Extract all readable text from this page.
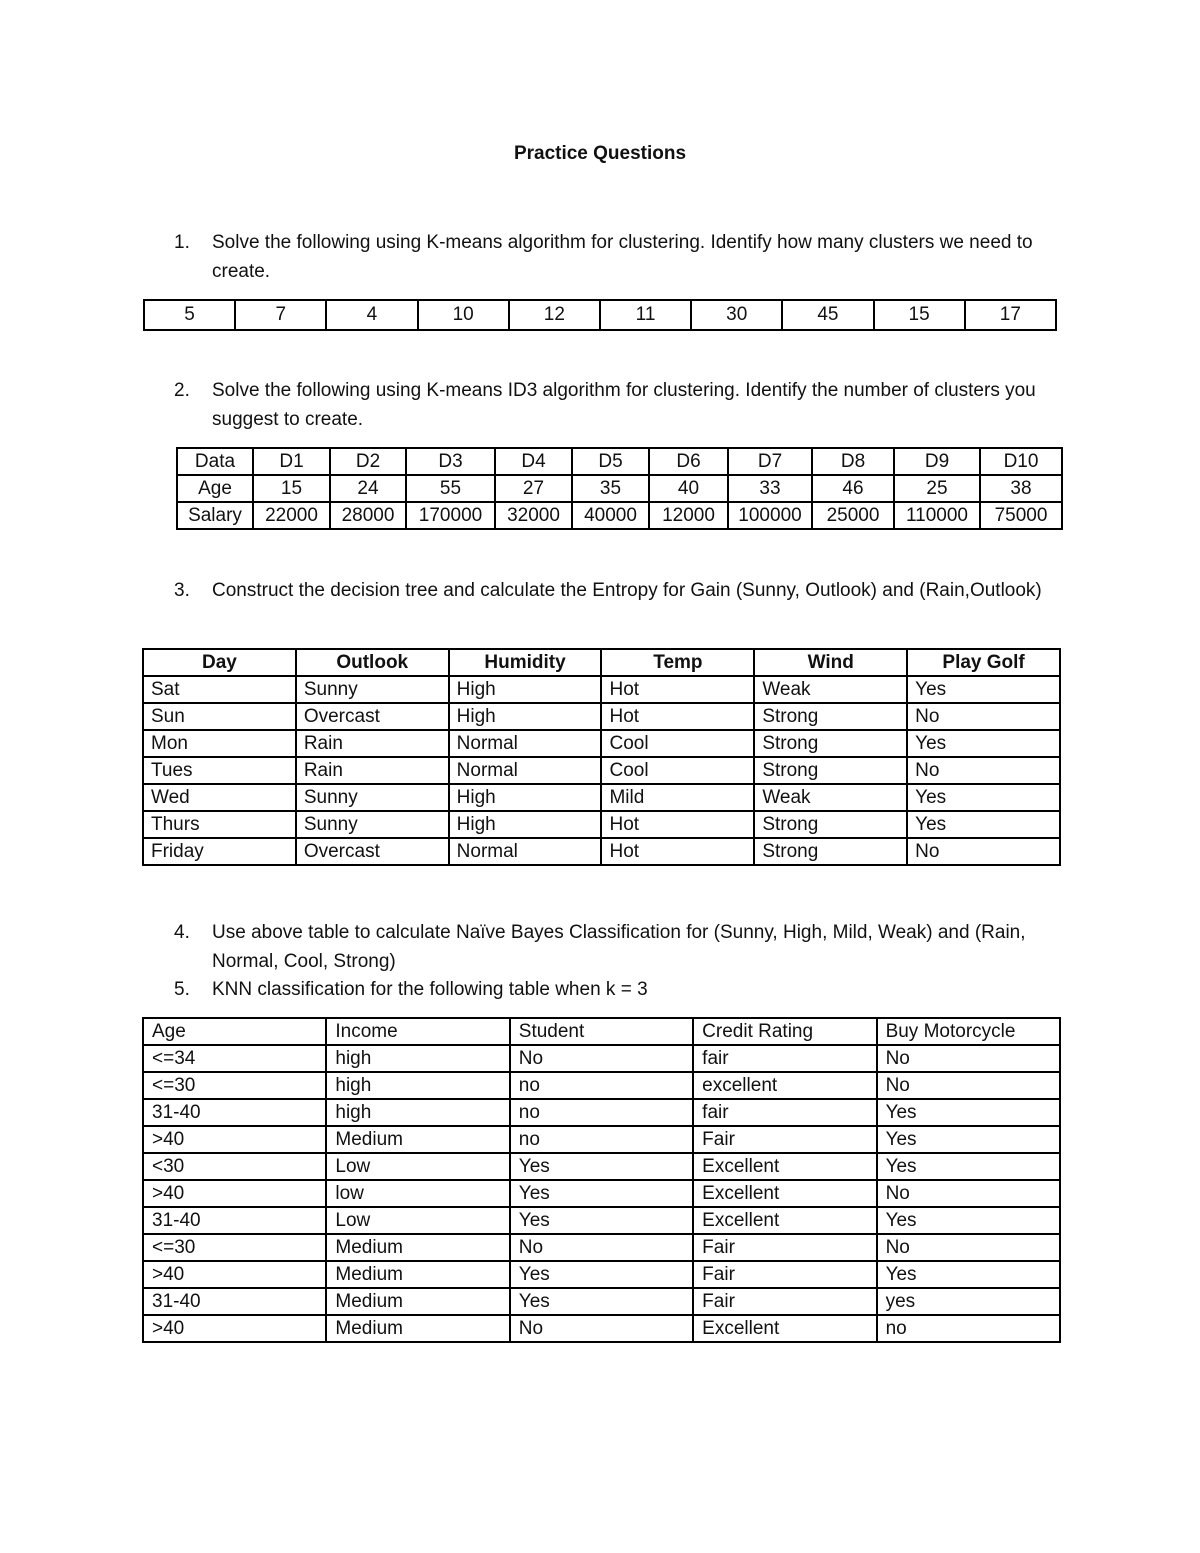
Practice Questions
1. Solve the following using K-means algorithm for clustering. Identify how many clusters we need to create.
5	7	4	10	12	11	30	45	15	17
2. Solve the following using K-means ID3 algorithm for clustering. Identify the number of clusters you suggest to create.
Data	D1	D2	D3	D4	D5	D6	D7	D8	D9	D10
Age	15	24	55	27	35	40	33	46	25	38
Salary	22000	28000	170000	32000	40000	12000	100000	25000	110000	75000
3. Construct the decision tree and calculate the Entropy for Gain (Sunny, Outlook) and (Rain,Outlook)
Day	Outlook	Humidity	Temp	Wind	Play Golf
Sat	Sunny	High	Hot	Weak	Yes
Sun	Overcast	High	Hot	Strong	No
Mon	Rain	Normal	Cool	Strong	Yes
Tues	Rain	Normal	Cool	Strong	No
Wed	Sunny	High	Mild	Weak	Yes
Thurs	Sunny	High	Hot	Strong	Yes
Friday	Overcast	Normal	Hot	Strong	No
4. Use above table to calculate Naïve Bayes Classification for (Sunny, High, Mild, Weak) and (Rain, Normal, Cool, Strong)
5. KNN classification for the following table when k = 3
Age	Income	Student	Credit Rating	Buy Motorcycle
<=34	high	No	fair	No
<=30	high	no	excellent	No
31-40	high	no	fair	Yes
>40	Medium	no	Fair	Yes
<30	Low	Yes	Excellent	Yes
>40	low	Yes	Excellent	No
31-40	Low	Yes	Excellent	Yes
<=30	Medium	No	Fair	No
>40	Medium	Yes	Fair	Yes
31-40	Medium	Yes	Fair	yes
>40	Medium	No	Excellent	no
